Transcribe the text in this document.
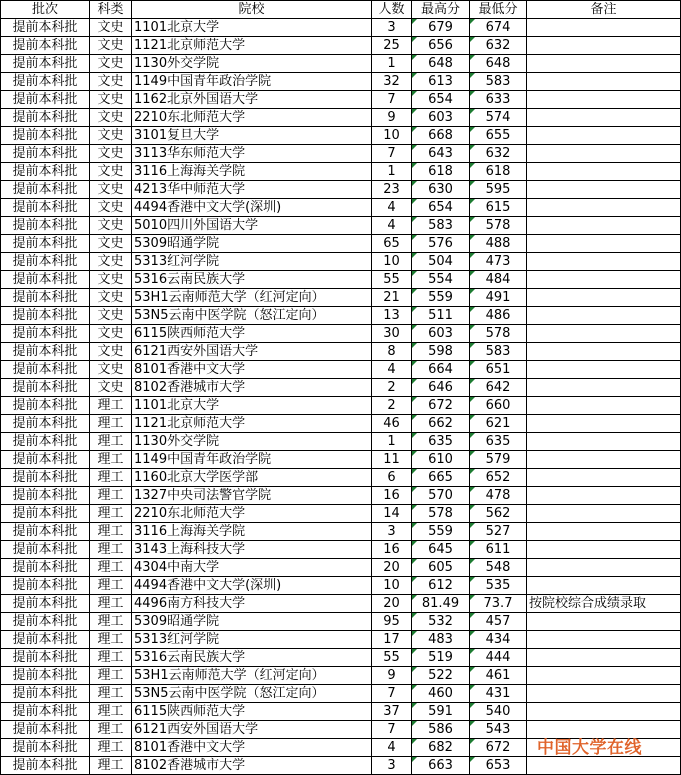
批次	科类	院校	人数	最高分	最低分	备注
提前本科批	文史	1101北京大学	3	679	674	
提前本科批	文史	1121北京师范大学	25	656	632	
提前本科批	文史	1130外交学院	1	648	648	
提前本科批	文史	1149中国青年政治学院	32	613	583	
提前本科批	文史	1162北京外国语大学	7	654	633	
提前本科批	文史	2210东北师范大学	9	603	574	
提前本科批	文史	3101复旦大学	10	668	655	
提前本科批	文史	3113华东师范大学	7	643	632	
提前本科批	文史	3116上海海关学院	1	618	618	
提前本科批	文史	4213华中师范大学	23	630	595	
提前本科批	文史	4494香港中文大学(深圳)	4	654	615	
提前本科批	文史	5010四川外国语大学	4	583	578	
提前本科批	文史	5309昭通学院	65	576	488	
提前本科批	文史	5313红河学院	10	504	473	
提前本科批	文史	5316云南民族大学	55	554	484	
提前本科批	文史	53H1云南师范大学（红河定向）	21	559	491	
提前本科批	文史	53N5云南中医学院（怒江定向）	13	511	486	
提前本科批	文史	6115陕西师范大学	30	603	578	
提前本科批	文史	6121西安外国语大学	8	598	583	
提前本科批	文史	8101香港中文大学	4	664	651	
提前本科批	文史	8102香港城市大学	2	646	642	
提前本科批	理工	1101北京大学	2	672	660	
提前本科批	理工	1121北京师范大学	46	662	621	
提前本科批	理工	1130外交学院	1	635	635	
提前本科批	理工	1149中国青年政治学院	11	610	579	
提前本科批	理工	1160北京大学医学部	6	665	652	
提前本科批	理工	1327中央司法警官学院	16	570	478	
提前本科批	理工	2210东北师范大学	14	578	562	
提前本科批	理工	3116上海海关学院	3	559	527	
提前本科批	理工	3143上海科技大学	16	645	611	
提前本科批	理工	4304中南大学	20	605	548	
提前本科批	理工	4494香港中文大学(深圳)	10	612	535	
提前本科批	理工	4496南方科技大学	20	81.49	73.7	按院校综合成绩录取
提前本科批	理工	5309昭通学院	95	532	457	
提前本科批	理工	5313红河学院	17	483	434	
提前本科批	理工	5316云南民族大学	55	519	444	
提前本科批	理工	53H1云南师范大学（红河定向）	9	522	461	
提前本科批	理工	53N5云南中医学院（怒江定向）	7	460	431	
提前本科批	理工	6115陕西师范大学	37	591	540	
提前本科批	理工	6121西安外国语大学	7	586	543	
提前本科批	理工	8101香港中文大学	4	682	672	
提前本科批	理工	8102香港城市大学	3	663	653	
中国大学在线
